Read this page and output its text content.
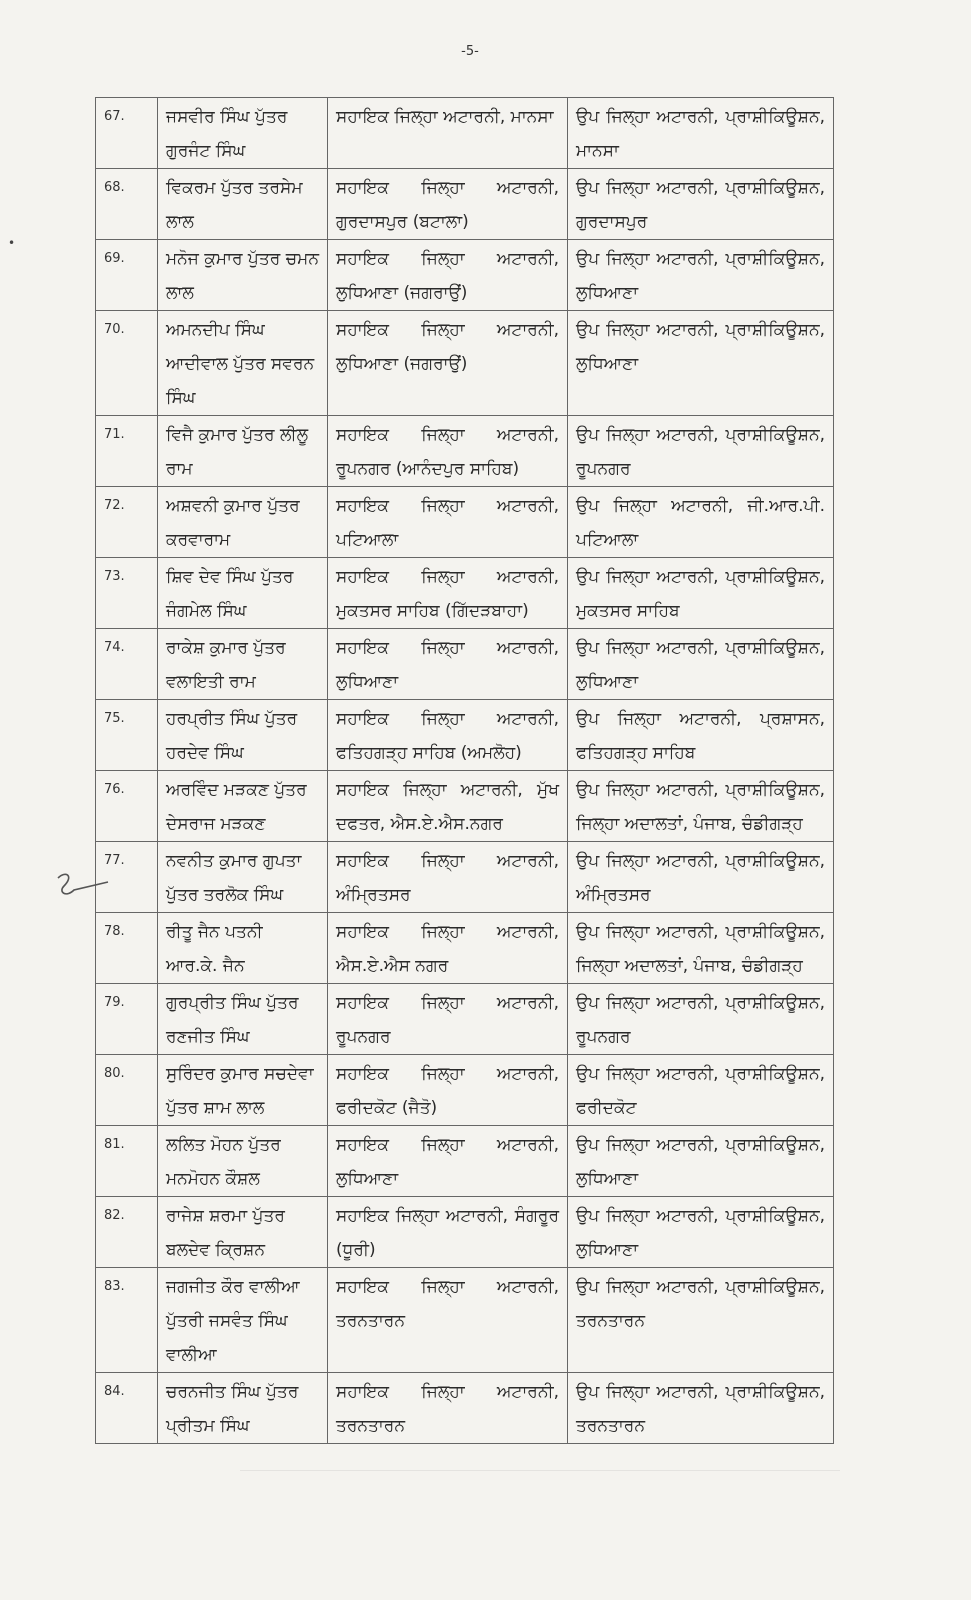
-5-
•
67.	ਜਸਵੀਰ ਸਿੰਘ ਪੁੱਤਰ ਗੁਰਜੰਟ ਸਿੰਘ	ਸਹਾਇਕ ਜਿਲ੍ਹਾ ਅਟਾਰਨੀ, ਮਾਨਸਾ	ਉਪ ਜਿਲ੍ਹਾ ਅਟਾਰਨੀ, ਪ੍ਰਾਸ਼ੀਕਿਊਸ਼ਨ, ਮਾਨਸਾ
68.	ਵਿਕਰਮ ਪੁੱਤਰ ਤਰਸੇਮ ਲਾਲ	ਸਹਾਇਕ ਜਿਲ੍ਹਾ ਅਟਾਰਨੀ, ਗੁਰਦਾਸਪੁਰ (ਬਟਾਲਾ)	ਉਪ ਜਿਲ੍ਹਾ ਅਟਾਰਨੀ, ਪ੍ਰਾਸ਼ੀਕਿਊਸ਼ਨ, ਗੁਰਦਾਸਪੁਰ
69.	ਮਨੋਜ ਕੁਮਾਰ ਪੁੱਤਰ ਚਮਨ ਲਾਲ	ਸਹਾਇਕ ਜਿਲ੍ਹਾ ਅਟਾਰਨੀ, ਲੁਧਿਆਣਾ (ਜਗਰਾਉਂ)	ਉਪ ਜਿਲ੍ਹਾ ਅਟਾਰਨੀ, ਪ੍ਰਾਸ਼ੀਕਿਊਸ਼ਨ, ਲੁਧਿਆਣਾ
70.	ਅਮਨਦੀਪ ਸਿੰਘ ਆਦੀਵਾਲ ਪੁੱਤਰ ਸਵਰਨ ਸਿੰਘ	ਸਹਾਇਕ ਜਿਲ੍ਹਾ ਅਟਾਰਨੀ, ਲੁਧਿਆਣਾ (ਜਗਰਾਉਂ)	ਉਪ ਜਿਲ੍ਹਾ ਅਟਾਰਨੀ, ਪ੍ਰਾਸ਼ੀਕਿਊਸ਼ਨ, ਲੁਧਿਆਣਾ
71.	ਵਿਜੈ ਕੁਮਾਰ ਪੁੱਤਰ ਲੀਲੂ ਰਾਮ	ਸਹਾਇਕ ਜਿਲ੍ਹਾ ਅਟਾਰਨੀ, ਰੂਪਨਗਰ (ਆਨੰਦਪੁਰ ਸਾਹਿਬ)	ਉਪ ਜਿਲ੍ਹਾ ਅਟਾਰਨੀ, ਪ੍ਰਾਸ਼ੀਕਿਊਸ਼ਨ, ਰੂਪਨਗਰ
72.	ਅਸ਼ਵਨੀ ਕੁਮਾਰ ਪੁੱਤਰ ਕਰਵਾਰਾਮ	ਸਹਾਇਕ ਜਿਲ੍ਹਾ ਅਟਾਰਨੀ, ਪਟਿਆਲਾ	ਉਪ ਜਿਲ੍ਹਾ ਅਟਾਰਨੀ, ਜੀ.ਆਰ.ਪੀ. ਪਟਿਆਲਾ
73.	ਸ਼ਿਵ ਦੇਵ ਸਿੰਘ ਪੁੱਤਰ ਜੰਗਮੇਲ ਸਿੰਘ	ਸਹਾਇਕ ਜਿਲ੍ਹਾ ਅਟਾਰਨੀ, ਮੁਕਤਸਰ ਸਾਹਿਬ (ਗਿੱਦੜਬਾਹਾ)	ਉਪ ਜਿਲ੍ਹਾ ਅਟਾਰਨੀ, ਪ੍ਰਾਸ਼ੀਕਿਊਸ਼ਨ, ਮੁਕਤਸਰ ਸਾਹਿਬ
74.	ਰਾਕੇਸ਼ ਕੁਮਾਰ ਪੁੱਤਰ ਵਲਾਇਤੀ ਰਾਮ	ਸਹਾਇਕ ਜਿਲ੍ਹਾ ਅਟਾਰਨੀ, ਲੁਧਿਆਣਾ	ਉਪ ਜਿਲ੍ਹਾ ਅਟਾਰਨੀ, ਪ੍ਰਾਸ਼ੀਕਿਊਸ਼ਨ, ਲੁਧਿਆਣਾ
75.	ਹਰਪ੍ਰੀਤ ਸਿੰਘ ਪੁੱਤਰ ਹਰਦੇਵ ਸਿੰਘ	ਸਹਾਇਕ ਜਿਲ੍ਹਾ ਅਟਾਰਨੀ, ਫਤਿਹਗੜ੍ਹ ਸਾਹਿਬ (ਅਮਲੋਹ)	ਉਪ ਜਿਲ੍ਹਾ ਅਟਾਰਨੀ, ਪ੍ਰਸ਼ਾਸਨ, ਫਤਿਹਗੜ੍ਹ ਸਾਹਿਬ
76.	ਅਰਵਿੰਦ ਮੜਕਣ ਪੁੱਤਰ ਦੇਸਰਾਜ ਮੜਕਣ	ਸਹਾਇਕ ਜਿਲ੍ਹਾ ਅਟਾਰਨੀ, ਮੁੱਖ ਦਫਤਰ, ਐਸ.ਏ.ਐਸ.ਨਗਰ	ਉਪ ਜਿਲ੍ਹਾ ਅਟਾਰਨੀ, ਪ੍ਰਾਸ਼ੀਕਿਊਸ਼ਨ, ਜਿਲ੍ਹਾ ਅਦਾਲਤਾਂ, ਪੰਜਾਬ, ਚੰਡੀਗੜ੍ਹ
77.	ਨਵਨੀਤ ਕੁਮਾਰ ਗੁਪਤਾ ਪੁੱਤਰ ਤਰਲੋਕ ਸਿੰਘ	ਸਹਾਇਕ ਜਿਲ੍ਹਾ ਅਟਾਰਨੀ, ਅੰਮ੍ਰਿਤਸਰ	ਉਪ ਜਿਲ੍ਹਾ ਅਟਾਰਨੀ, ਪ੍ਰਾਸ਼ੀਕਿਊਸ਼ਨ, ਅੰਮ੍ਰਿਤਸਰ
78.	ਰੀਤੂ ਜੈਨ ਪਤਨੀ ਆਰ.ਕੇ. ਜੈਨ	ਸਹਾਇਕ ਜਿਲ੍ਹਾ ਅਟਾਰਨੀ, ਐਸ.ਏ.ਐਸ ਨਗਰ	ਉਪ ਜਿਲ੍ਹਾ ਅਟਾਰਨੀ, ਪ੍ਰਾਸ਼ੀਕਿਊਸ਼ਨ, ਜਿਲ੍ਹਾ ਅਦਾਲਤਾਂ, ਪੰਜਾਬ, ਚੰਡੀਗੜ੍ਹ
79.	ਗੁਰਪ੍ਰੀਤ ਸਿੰਘ ਪੁੱਤਰ ਰਣਜੀਤ ਸਿੰਘ	ਸਹਾਇਕ ਜਿਲ੍ਹਾ ਅਟਾਰਨੀ, ਰੂਪਨਗਰ	ਉਪ ਜਿਲ੍ਹਾ ਅਟਾਰਨੀ, ਪ੍ਰਾਸ਼ੀਕਿਊਸ਼ਨ, ਰੂਪਨਗਰ
80.	ਸੁਰਿੰਦਰ ਕੁਮਾਰ ਸਚਦੇਵਾ ਪੁੱਤਰ ਸ਼ਾਮ ਲਾਲ	ਸਹਾਇਕ ਜਿਲ੍ਹਾ ਅਟਾਰਨੀ, ਫਰੀਦਕੋਟ (ਜੈਤੋ)	ਉਪ ਜਿਲ੍ਹਾ ਅਟਾਰਨੀ, ਪ੍ਰਾਸ਼ੀਕਿਊਸ਼ਨ, ਫਰੀਦਕੋਟ
81.	ਲਲਿਤ ਮੋਹਨ ਪੁੱਤਰ ਮਨਮੋਹਨ ਕੌਸ਼ਲ	ਸਹਾਇਕ ਜਿਲ੍ਹਾ ਅਟਾਰਨੀ, ਲੁਧਿਆਣਾ	ਉਪ ਜਿਲ੍ਹਾ ਅਟਾਰਨੀ, ਪ੍ਰਾਸ਼ੀਕਿਊਸ਼ਨ, ਲੁਧਿਆਣਾ
82.	ਰਾਜੇਸ਼ ਸ਼ਰਮਾ ਪੁੱਤਰ ਬਲਦੇਵ ਕ੍ਰਿਸ਼ਨ	ਸਹਾਇਕ ਜਿਲ੍ਹਾ ਅਟਾਰਨੀ, ਸੰਗਰੂਰ (ਧੂਰੀ)	ਉਪ ਜਿਲ੍ਹਾ ਅਟਾਰਨੀ, ਪ੍ਰਾਸ਼ੀਕਿਊਸ਼ਨ, ਲੁਧਿਆਣਾ
83.	ਜਗਜੀਤ ਕੌਰ ਵਾਲੀਆ ਪੁੱਤਰੀ ਜਸਵੰਤ ਸਿੰਘ ਵਾਲੀਆ	ਸਹਾਇਕ ਜਿਲ੍ਹਾ ਅਟਾਰਨੀ, ਤਰਨਤਾਰਨ	ਉਪ ਜਿਲ੍ਹਾ ਅਟਾਰਨੀ, ਪ੍ਰਾਸ਼ੀਕਿਊਸ਼ਨ, ਤਰਨਤਾਰਨ
84.	ਚਰਨਜੀਤ ਸਿੰਘ ਪੁੱਤਰ ਪ੍ਰੀਤਮ ਸਿੰਘ	ਸਹਾਇਕ ਜਿਲ੍ਹਾ ਅਟਾਰਨੀ, ਤਰਨਤਾਰਨ	ਉਪ ਜਿਲ੍ਹਾ ਅਟਾਰਨੀ, ਪ੍ਰਾਸ਼ੀਕਿਊਸ਼ਨ, ਤਰਨਤਾਰਨ
